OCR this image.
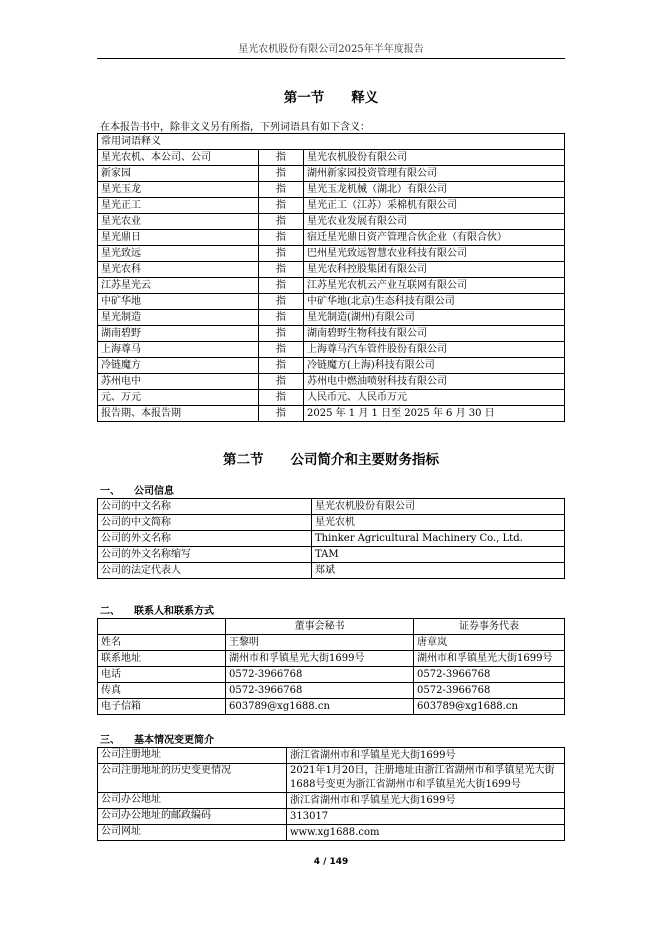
星光农机股份有限公司2025年半年度报告
第一节　　释义
在本报告书中，除非文义另有所指，下列词语具有如下含义：
常用词语释义		
星光农机、本公司、公司	指	星光农机股份有限公司
新家园	指	湖州新家园投资管理有限公司
星光玉龙	指	星光玉龙机械（湖北）有限公司
星光正工	指	星光正工（江苏）采棉机有限公司
星光农业	指	星光农业发展有限公司
星光鼎日	指	宿迁星光鼎日资产管理合伙企业（有限合伙）
星光致远	指	巴州星光致远智慧农业科技有限公司
星光农科	指	星光农科控股集团有限公司
江苏星光云	指	江苏星光农机云产业互联网有限公司
中矿华地	指	中矿华地(北京)生态科技有限公司
星光制造	指	星光制造(湖州)有限公司
湖南碧野	指	湖南碧野生物科技有限公司
上海尊马	指	上海尊马汽车管件股份有限公司
冷链魔方	指	冷链魔方(上海)科技有限公司
苏州电中	指	苏州电中燃油喷射科技有限公司
元、万元	指	人民币元、人民币万元
报告期、本报告期	指	2025 年 1 月 1 日至 2025 年 6 月 30 日
第二节　　公司简介和主要财务指标
一、 公司信息
公司的中文名称	星光农机股份有限公司
公司的中文简称	星光农机
公司的外文名称	Thinker Agricultural Machinery Co., Ltd.
公司的外文名称缩写	TAM
公司的法定代表人	郑斌
二、 联系人和联系方式
	董事会秘书	证券事务代表
姓名	王黎明	唐章岚
联系地址	湖州市和孚镇星光大街1699号	湖州市和孚镇星光大街1699号
电话	0572-3966768	0572-3966768
传真	0572-3966768	0572-3966768
电子信箱	603789@xg1688.cn	603789@xg1688.cn
三、 基本情况变更简介
公司注册地址	浙江省湖州市和孚镇星光大街1699号
公司注册地址的历史变更情况	2021年1月20日，注册地址由浙江省湖州市和孚镇星光大街1688号变更为浙江省湖州市和孚镇星光大街1699号
公司办公地址	浙江省湖州市和孚镇星光大街1699号
公司办公地址的邮政编码	313017
公司网址	www.xg1688.com
4 / 149
